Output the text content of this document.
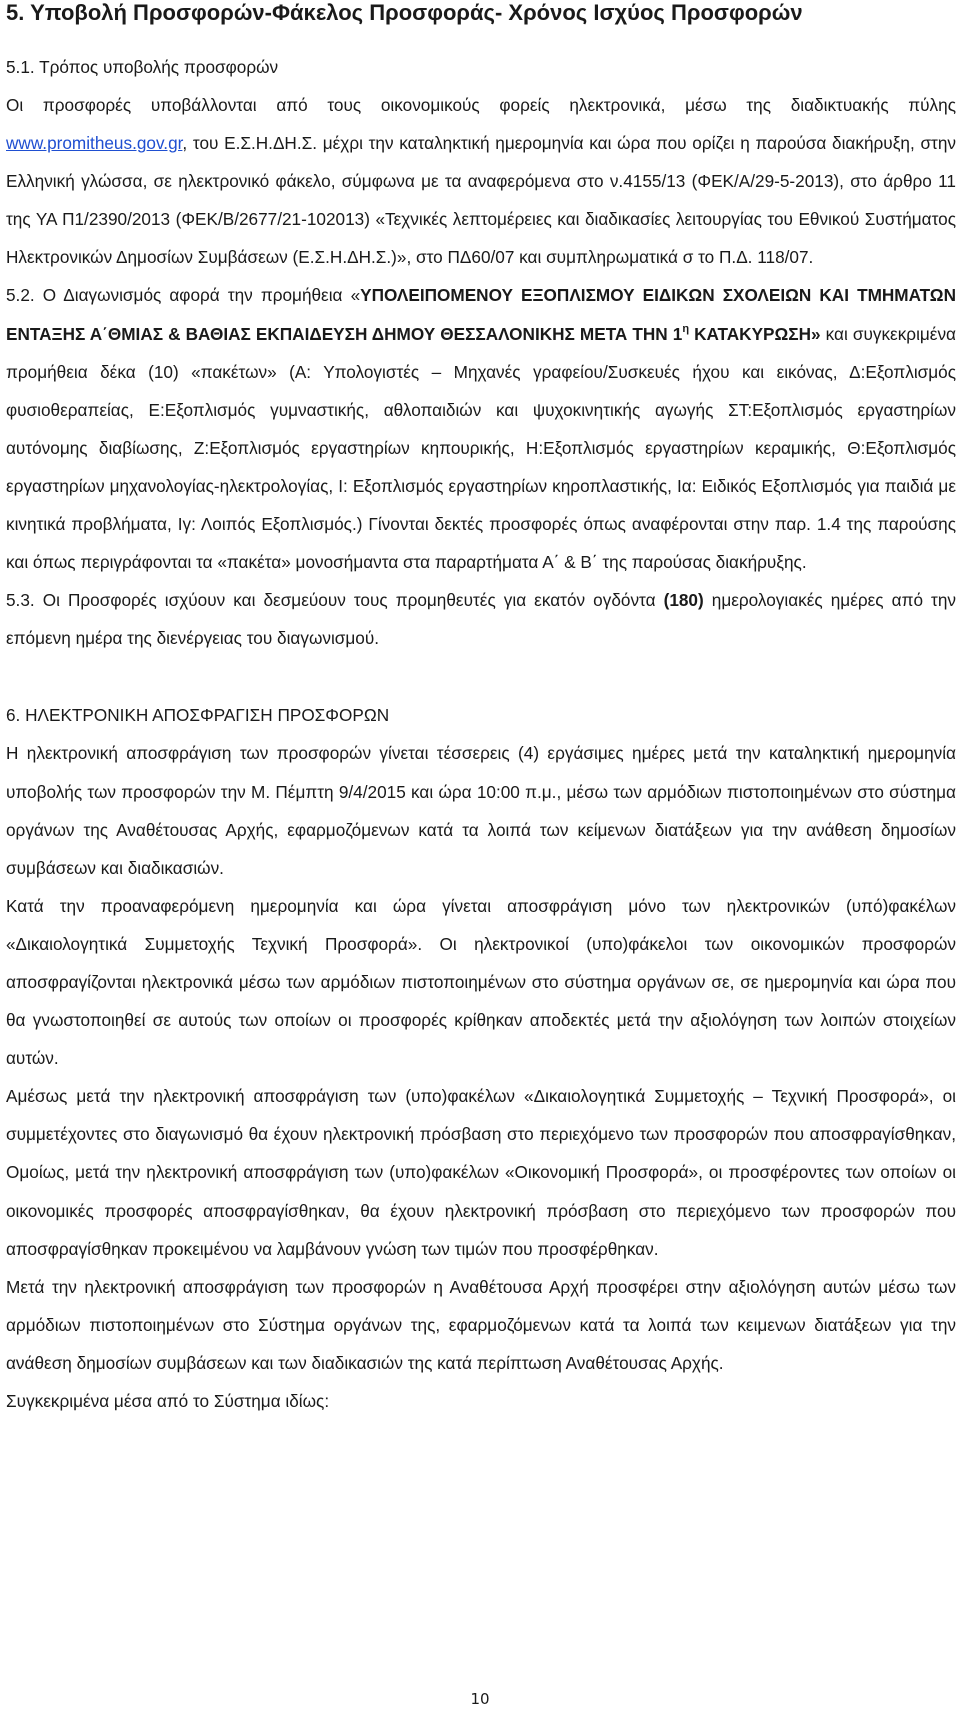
5. Υποβολή Προσφορών-Φάκελος Προσφοράς- Χρόνος Ισχύος Προσφορών
5.1. Τρόπος υποβολής προσφορών

Οι προσφορές υποβάλλονται από τους οικονομικούς φορείς ηλεκτρονικά, μέσω της διαδικτυακής πύλης www.promitheus.gov.gr, του Ε.Σ.Η.ΔΗ.Σ. μέχρι την καταληκτική ημερομηνία και ώρα που ορίζει η παρούσα διακήρυξη, στην Ελληνική γλώσσα, σε ηλεκτρονικό φάκελο, σύμφωνα με τα αναφερόμενα στο ν.4155/13 (ΦΕΚ/Α/29-5-2013), στο άρθρο 11 της ΥΑ Π1/2390/2013 (ΦΕΚ/Β/2677/21-102013) «Τεχνικές λεπτομέρειες και διαδικασίες λειτουργίας του Εθνικού Συστήματος Ηλεκτρονικών Δημοσίων Συμβάσεων (Ε.Σ.Η.ΔΗ.Σ.)», στο ΠΔ60/07 και συμπληρωματικά σ το Π.Δ. 118/07.

5.2. Ο Διαγωνισμός αφορά την προμήθεια «ΥΠΟΛΕΙΠΟΜΕΝΟΥ ΕΞΟΠΛΙΣΜΟΥ ΕΙΔΙΚΩΝ ΣΧΟΛΕΙΩΝ ΚΑΙ ΤΜΗΜΑΤΩΝ ΕΝΤΑΞΗΣ Α΄ΘΜΙΑΣ & ΒΑΘΙΑΣ ΕΚΠΑΙΔΕΥΣΗ ΔΗΜΟΥ ΘΕΣΣΑΛΟΝΙΚΗΣ ΜΕΤΑ ΤΗΝ $1^\eta$ ΚΑΤΑΚΥΡΩΣΗ» και συγκεκριμένα προμήθεια δέκα (10) «πακέτων» (Α: Υπολογιστές – Μηχανές γραφείου/Συσκευές ήχου και εικόνας, Δ:Εξοπλισμός φυσιοθεραπείας, Ε:Εξοπλισμός γυμναστικής, αθλοπαιδιών και ψυχοκινητικής αγωγής ΣΤ:Εξοπλισμός εργαστηρίων αυτόνομης διαβίωσης, Ζ:Εξοπλισμός εργαστηρίων κηπουρικής, Η:Εξοπλισμός εργαστηρίων κεραμικής, Θ:Εξοπλισμός εργαστηρίων μηχανολογίας-ηλεκτρολογίας, Ι: Εξοπλισμός εργαστηρίων κηροπλαστικής, Ια: Ειδικός Εξοπλισμός για παιδιά με κινητικά προβλήματα, Ιγ: Λοιπός Εξοπλισμός.) Γίνονται δεκτές προσφορές όπως αναφέρονται στην παρ. 1.4 της παρούσης και όπως περιγράφονται τα «πακέτα» μονοσήμαντα στα παραρτήματα Α΄ & Β΄ της παρούσας διακήρυξης.

5.3. Οι Προσφορές ισχύουν και δεσμεύουν τους προμηθευτές για εκατόν ογδόντα (180) ημερολογιακές ημέρες από την επόμενη ημέρα της διενέργειας του διαγωνισμού.

6. ΗΛΕΚΤΡΟΝΙΚΗ ΑΠΟΣΦΡΑΓΙΣΗ ΠΡΟΣΦΟΡΩΝ

Η ηλεκτρονική αποσφράγιση των προσφορών γίνεται τέσσερεις (4) εργάσιμες ημέρες μετά την καταληκτική ημερομηνία υποβολής των προσφορών την Μ. Πέμπτη 9/4/2015 και ώρα 10:00 π.μ., μέσω των αρμόδιων πιστοποιημένων στο σύστημα οργάνων της Αναθέτουσας Αρχής, εφαρμοζόμενων κατά τα λοιπά των κείμενων διατάξεων για την ανάθεση δημοσίων συμβάσεων και διαδικασιών.

Κατά την προαναφερόμενη ημερομηνία και ώρα γίνεται αποσφράγιση μόνο των ηλεκτρονικών (υπό)φακέλων «Δικαιολογητικά Συμμετοχής Τεχνική Προσφορά». Οι ηλεκτρονικοί (υπο)φάκελοι των οικονομικών προσφορών αποσφραγίζονται ηλεκτρονικά μέσω των αρμόδιων πιστοποιημένων στο σύστημα οργάνων σε, σε ημερομηνία και ώρα που θα γνωστοποιηθεί σε αυτούς των οποίων οι προσφορές κρίθηκαν αποδεκτές μετά την αξιολόγηση των λοιπών στοιχείων αυτών.

Αμέσως μετά την ηλεκτρονική αποσφράγιση των (υπο)φακέλων «Δικαιολογητικά Συμμετοχής – Τεχνική Προσφορά», οι συμμετέχοντες στο διαγωνισμό θα έχουν ηλεκτρονική πρόσβαση στο περιεχόμενο των προσφορών που αποσφραγίσθηκαν, Ομοίως, μετά την ηλεκτρονική αποσφράγιση των (υπο)φακέλων «Οικονομική Προσφορά», οι προσφέροντες των οποίων οι οικονομικές προσφορές αποσφραγίσθηκαν, θα έχουν ηλεκτρονική πρόσβαση στο περιεχόμενο των προσφορών που αποσφραγίσθηκαν προκειμένου να λαμβάνουν γνώση των τιμών που προσφέρθηκαν.

Μετά την ηλεκτρονική αποσφράγιση των προσφορών η Αναθέτουσα Αρχή προσφέρει στην αξιολόγηση αυτών μέσω των αρμόδιων πιστοποιημένων στο Σύστημα οργάνων της, εφαρμοζόμενων κατά τα λοιπά των κειμενων διατάξεων για την ανάθεση δημοσίων συμβάσεων και των διαδικασιών της κατά περίπτωση Αναθέτουσας Αρχής.

Συγκεκριμένα μέσα από το Σύστημα ιδίως:

10
